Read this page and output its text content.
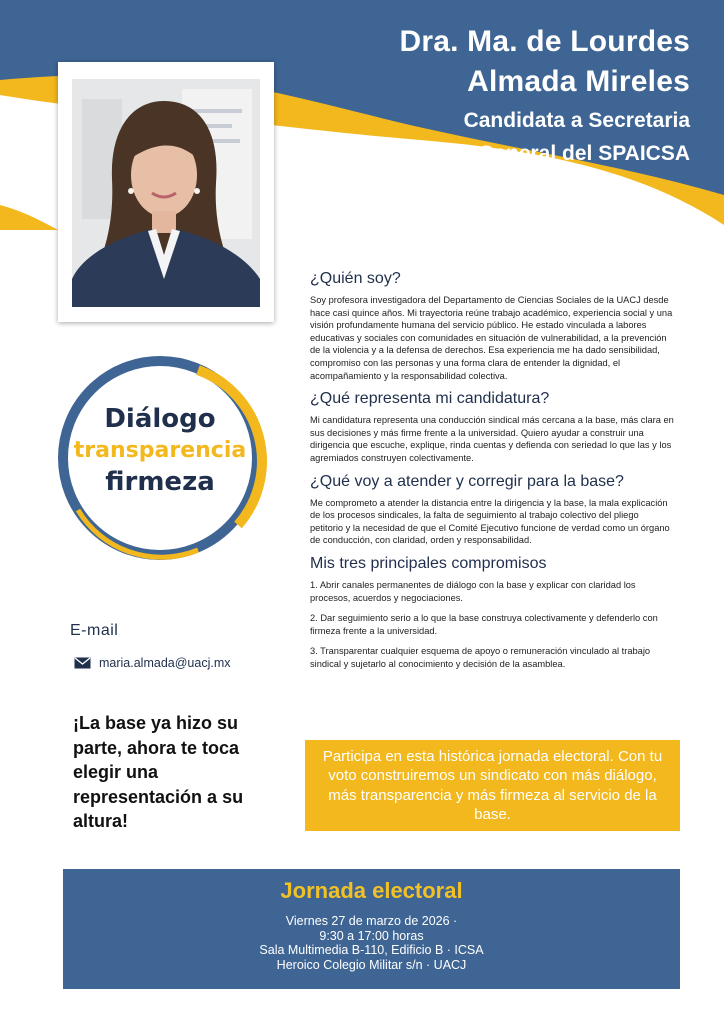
Dra. Ma. de Lourdes
Almada Mireles
Candidata a Secretaria
General del SPAICSA
Diálogo
transparencia
firmeza
E-mail
maria.almada@uacj.mx
¡La base ya hizo su parte, ahora te toca elegir una representación a su altura!
¿Quién soy?

Soy profesora investigadora del Departamento de Ciencias Sociales de la UACJ desde hace casi quince años. Mi trayectoria reúne trabajo académico, experiencia social y una visión profundamente humana del servicio público. He estado vinculada a labores educativas y sociales con comunidades en situación de vulnerabilidad, a la prevención de la violencia y a la defensa de derechos. Esa experiencia me ha dado sensibilidad, compromiso con las personas y una forma clara de entender la dignidad, el acompañamiento y la responsabilidad colectiva.

¿Qué representa mi candidatura?

Mi candidatura representa una conducción sindical más cercana a la base, más clara en sus decisiones y más firme frente a la universidad. Quiero ayudar a construir una dirigencia que escuche, explique, rinda cuentas y defienda con seriedad lo que las y los agremiados construyen colectivamente.

¿Qué voy a atender y corregir para la base?

Me comprometo a atender la distancia entre la dirigencia y la base, la mala explicación de los procesos sindicales, la falta de seguimiento al trabajo colectivo del pliego petitorio y la necesidad de que el Comité Ejecutivo funcione de verdad como un órgano de conducción, con claridad, orden y responsabilidad.

Mis tres principales compromisos
1. Abrir canales permanentes de diálogo con la base y explicar con claridad los procesos, acuerdos y negociaciones.
2. Dar seguimiento serio a lo que la base construya colectivamente y defenderlo con firmeza frente a la universidad.
3. Transparentar cualquier esquema de apoyo o remuneración vinculado al trabajo sindical y sujetarlo al conocimiento y decisión de la asamblea.
Participa en esta histórica jornada electoral. Con tu voto construiremos un sindicato con más diálogo, más transparencia y más firmeza al servicio de la base.
Jornada electoral
Viernes 27 de marzo de 2026 ·
9:30 a 17:00 horas
Sala Multimedia B-110, Edificio B · ICSA
Heroico Colegio Militar s/n · UACJ
